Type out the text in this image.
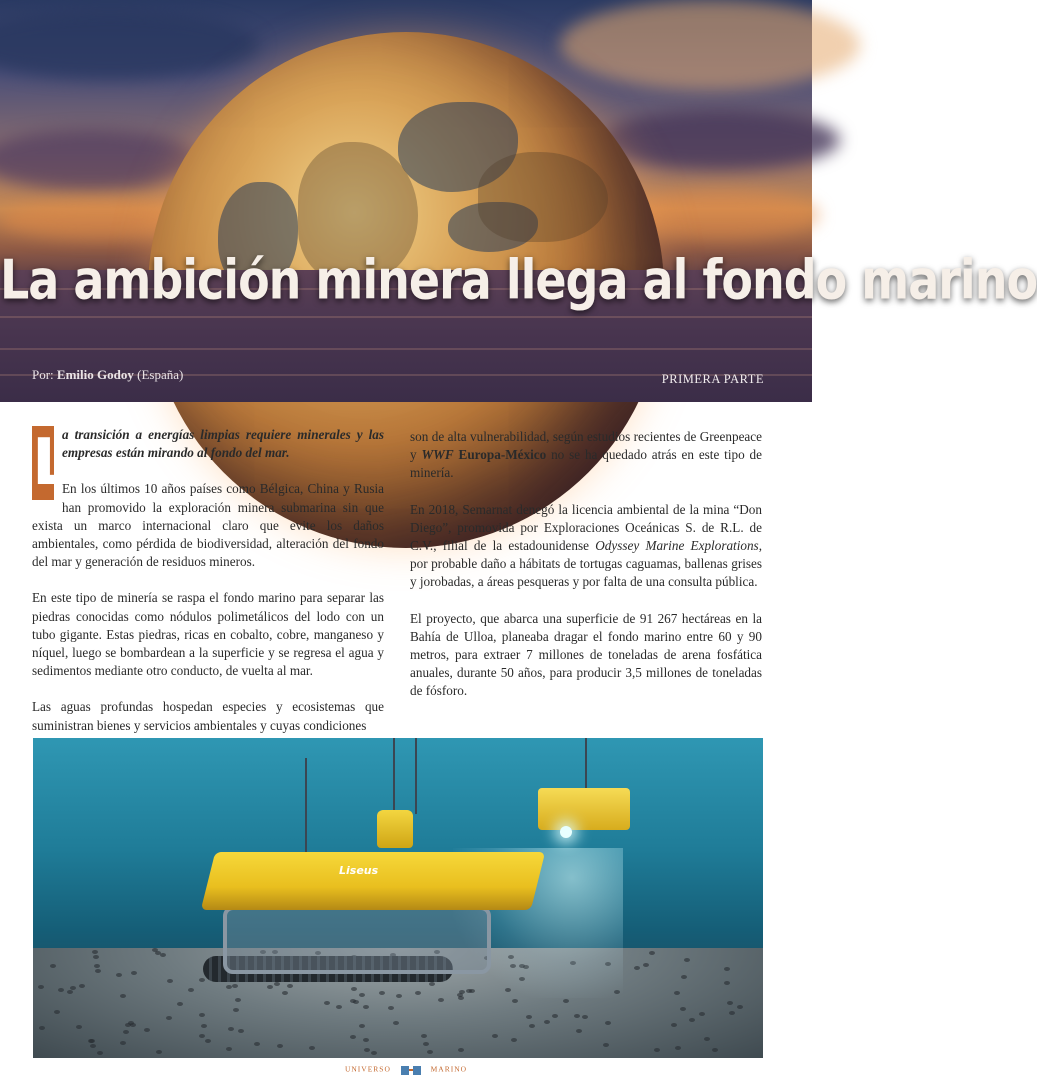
La ambición minera llega al fondo marino
Por: Emilio Godoy (España)	PRIMERA PARTE

L
a transición a energías limpias requiere minerales y las empresas están mirando al fondo del mar.

En los últimos 10 años países como Bélgica, China y Rusia han promovido la exploración minera submarina sin que exista un marco internacional claro que evite los daños ambientales, como pérdida de biodiversidad, alteración del fondo del mar y generación de residuos mineros.

En este tipo de minería se raspa el fondo marino para separar las piedras conocidas como nódulos polimetálicos del lodo con un tubo gigante. Estas piedras, ricas en cobalto, cobre, manganeso y níquel, luego se bombardean a la superficie y se regresa el agua y sedimentos mediante otro conducto, de vuelta al mar.

Las aguas profundas hospedan especies y ecosistemas que suministran bienes y servicios ambientales y cuyas condiciones

son de alta vulnerabilidad, según estudios recientes de Greenpeace y WWF Europa-México no se ha quedado atrás en este tipo de minería.

En 2018, Semarnat denegó la licencia ambiental de la mina “Don Diego”, promovida por Exploraciones Oceánicas S. de R.L. de C.V., filial de la estadounidense Odyssey Marine Explorations, por probable daño a hábitats de tortugas caguamas, ballenas grises y jorobadas, a áreas pesqueras y por falta de una consulta pública.

El proyecto, que abarca una superficie de 91 267 hectáreas en la Bahía de Ulloa, planeaba dragar el fondo marino entre 60 y 90 metros, para extraer 7 millones de toneladas de arena fosfática anuales, durante 50 años, para producir 3,5 millones de toneladas de fósforo.

Liseus
UNIVERSO	MARINO
